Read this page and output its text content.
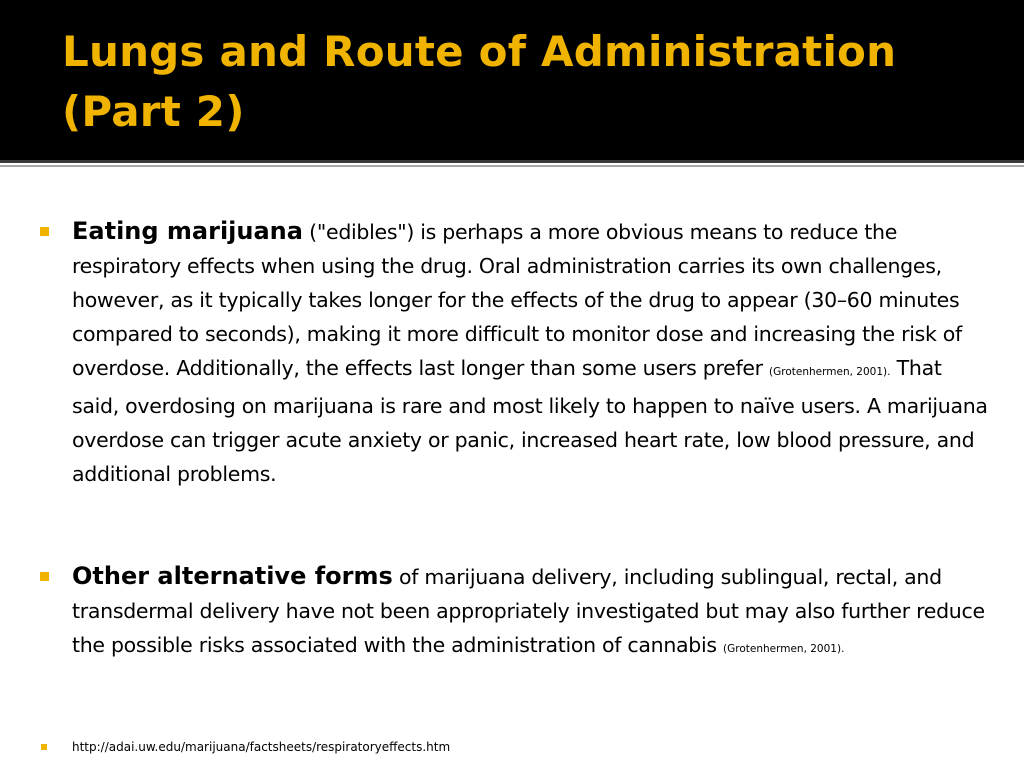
Lungs and Route of Administration (Part 2)
Eating marijuana ("edibles") is perhaps a more obvious means to reduce the respiratory effects when using the drug. Oral administration carries its own challenges, however, as it typically takes longer for the effects of the drug to appear (30–60 minutes compared to seconds), making it more difficult to monitor dose and increasing the risk of overdose. Additionally, the effects last longer than some users prefer (Grotenhermen, 2001). That said, overdosing on marijuana is rare and most likely to happen to naïve users. A marijuana overdose can trigger acute anxiety or panic, increased heart rate, low blood pressure, and additional problems.
Other alternative forms of marijuana delivery, including sublingual, rectal, and transdermal delivery have not been appropriately investigated but may also further reduce the possible risks associated with the administration of cannabis (Grotenhermen, 2001).
http://adai.uw.edu/marijuana/factsheets/respiratoryeffects.htm
